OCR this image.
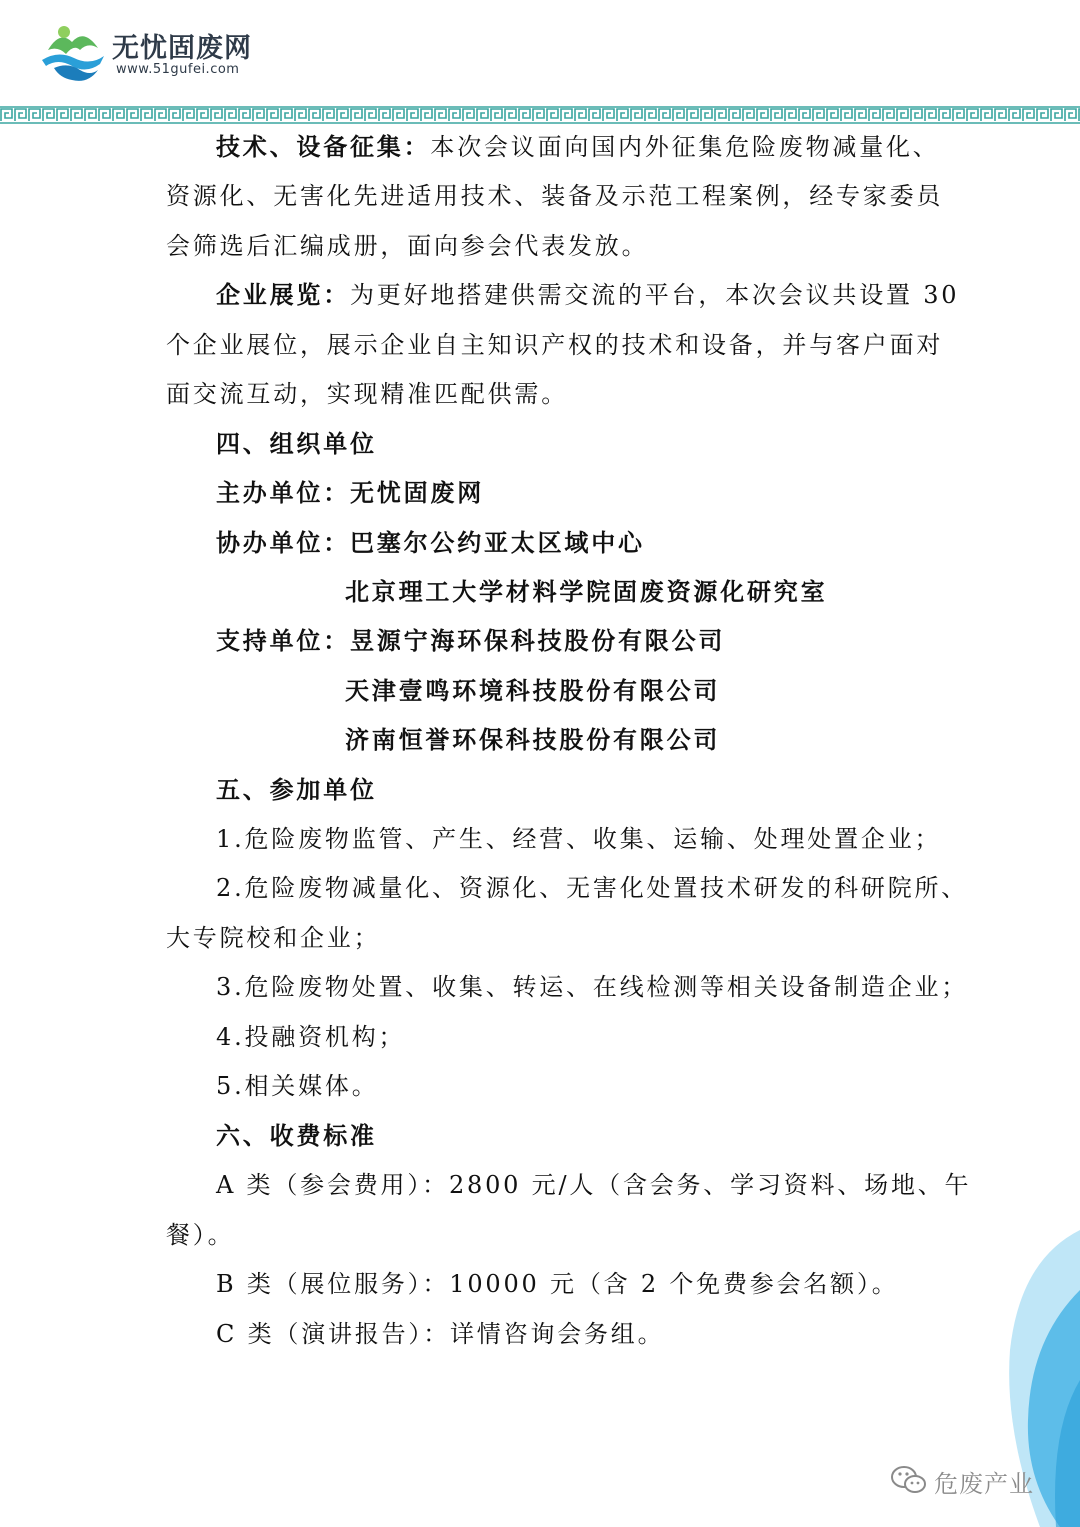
无忧固废网
www.51gufei.com
技术、设备征集：本次会议面向国内外征集危险废物减量化、
资源化、无害化先进适用技术、装备及示范工程案例，经专家委员
会筛选后汇编成册，面向参会代表发放。
企业展览：为更好地搭建供需交流的平台，本次会议共设置 30
个企业展位，展示企业自主知识产权的技术和设备，并与客户面对
面交流互动，实现精准匹配供需。
四、组织单位
主办单位：无忧固废网
协办单位：巴塞尔公约亚太区域中心
北京理工大学材料学院固废资源化研究室
支持单位：昱源宁海环保科技股份有限公司
天津壹鸣环境科技股份有限公司
济南恒誉环保科技股份有限公司
五、参加单位
1.危险废物监管、产生、经营、收集、运输、处理处置企业；
2.危险废物减量化、资源化、无害化处置技术研发的科研院所、
大专院校和企业；
3.危险废物处置、收集、转运、在线检测等相关设备制造企业；
4.投融资机构；
5.相关媒体。
六、收费标准
A 类（参会费用）：2800 元/人（含会务、学习资料、场地、午
餐）。
B 类（展位服务）：10000 元（含 2 个免费参会名额）。
C 类（演讲报告）：详情咨询会务组。
危废产业
